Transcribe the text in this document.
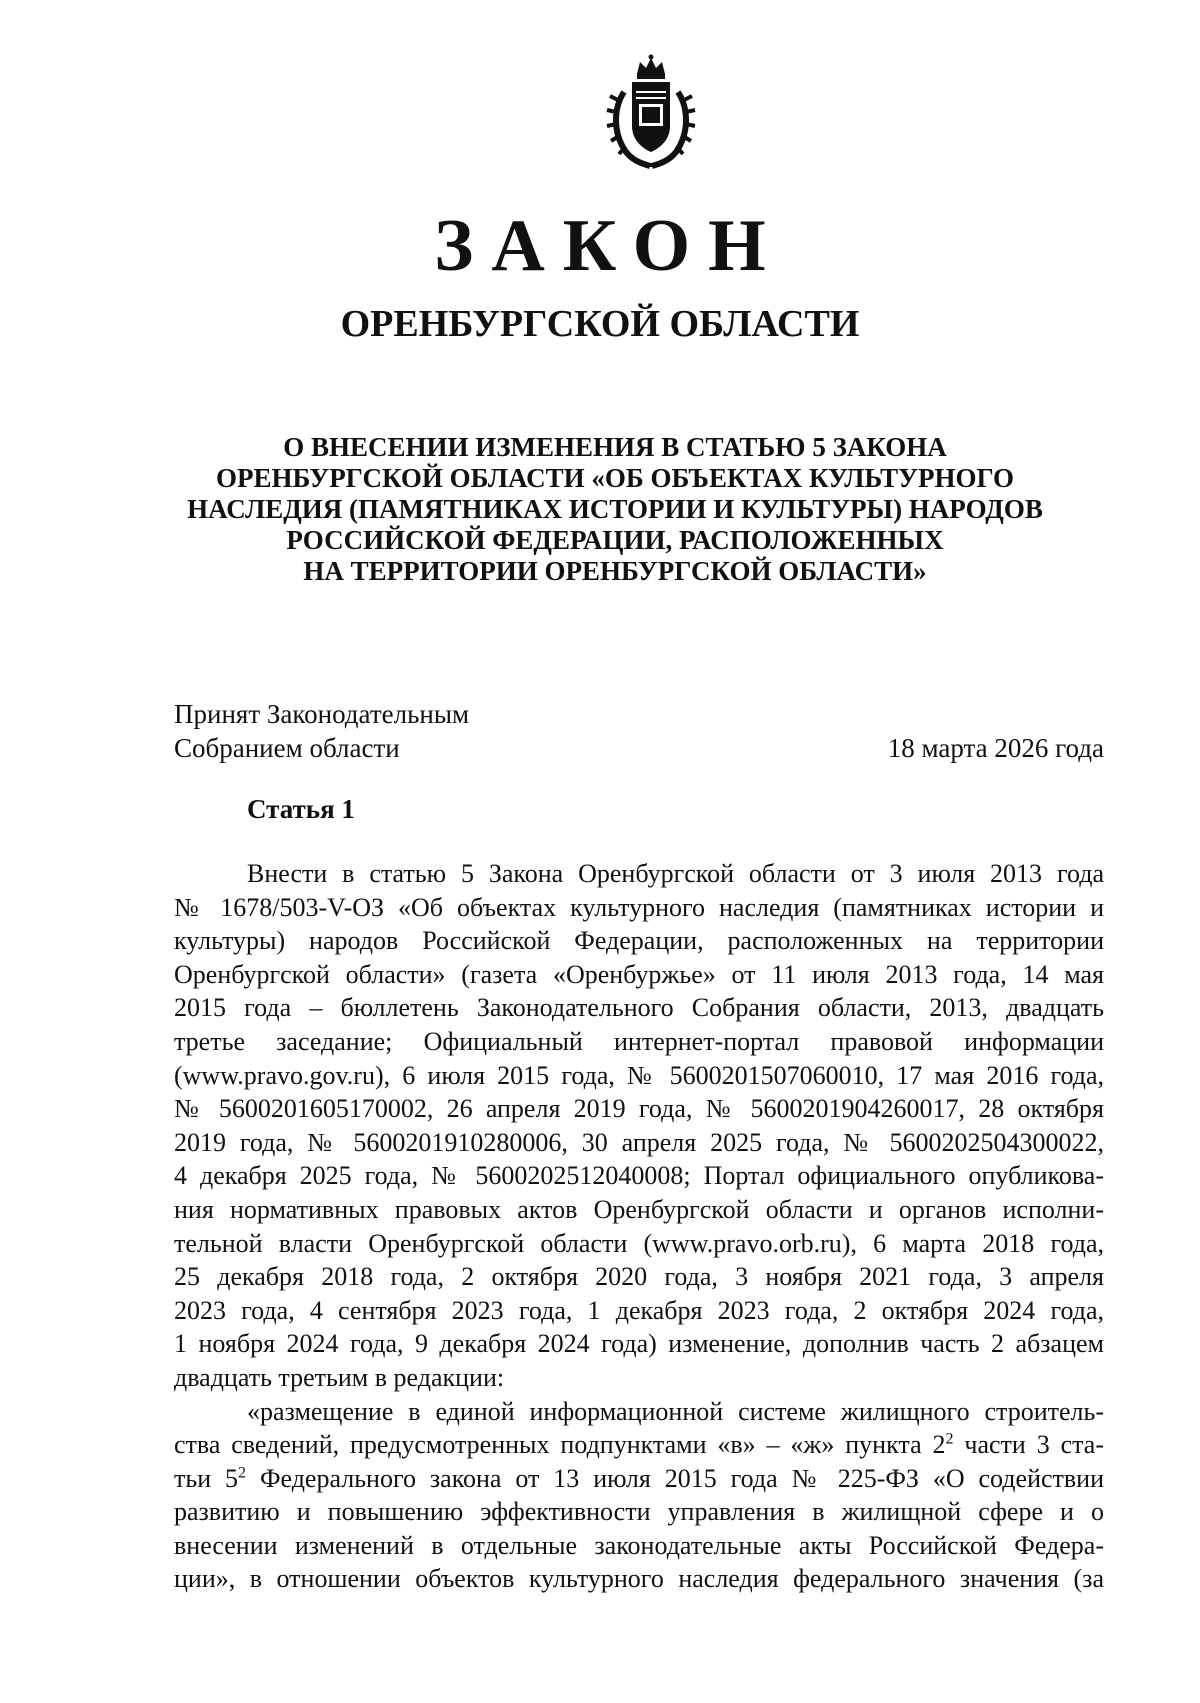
ЗАКОН
ОРЕНБУРГСКОЙ ОБЛАСТИ
О ВНЕСЕНИИ ИЗМЕНЕНИЯ В СТАТЬЮ 5 ЗАКОНА
ОРЕНБУРГСКОЙ ОБЛАСТИ «ОБ ОБЪЕКТАХ КУЛЬТУРНОГО
НАСЛЕДИЯ (ПАМЯТНИКАХ ИСТОРИИ И КУЛЬТУРЫ) НАРОДОВ
РОССИЙСКОЙ ФЕДЕРАЦИИ, РАСПОЛОЖЕННЫХ
НА ТЕРРИТОРИИ ОРЕНБУРГСКОЙ ОБЛАСТИ»
Принят Законодательным
Собранием области	18 марта 2026 года
Статья 1
Внести в статью 5 Закона Оренбургской области от 3 июля 2013 года
№ 1678/503-V-ОЗ «Об объектах культурного наследия (памятниках истории и
культуры) народов Российской Федерации, расположенных на территории
Оренбургской области» (газета «Оренбуржье» от 11 июля 2013 года, 14 мая
2015 года – бюллетень Законодательного Собрания области, 2013, двадцать
третье заседание; Официальный интернет-портал правовой информации
(www.pravo.gov.ru), 6 июля 2015 года, № 5600201507060010, 17 мая 2016 года,
№ 5600201605170002, 26 апреля 2019 года, № 5600201904260017, 28 октября
2019 года, № 5600201910280006, 30 апреля 2025 года, № 5600202504300022,
4 декабря 2025 года, № 5600202512040008; Портал официального опубликова-
ния нормативных правовых актов Оренбургской области и органов исполни-
тельной власти Оренбургской области (www.pravo.orb.ru), 6 марта 2018 года,
25 декабря 2018 года, 2 октября 2020 года, 3 ноября 2021 года, 3 апреля
2023 года, 4 сентября 2023 года, 1 декабря 2023 года, 2 октября 2024 года,
1 ноября 2024 года, 9 декабря 2024 года) изменение, дополнив часть 2 абзацем
двадцать третьим в редакции:
«размещение в единой информационной системе жилищного строитель-
ства сведений, предусмотренных подпунктами «в» – «ж» пункта $2^2$ части 3 ста-
тьи $5^2$ Федерального закона от 13 июля 2015 года № 225-ФЗ «О содействии
развитию и повышению эффективности управления в жилищной сфере и о
внесении изменений в отдельные законодательные акты Российской Федера-
ции», в отношении объектов культурного наследия федерального значения (за
